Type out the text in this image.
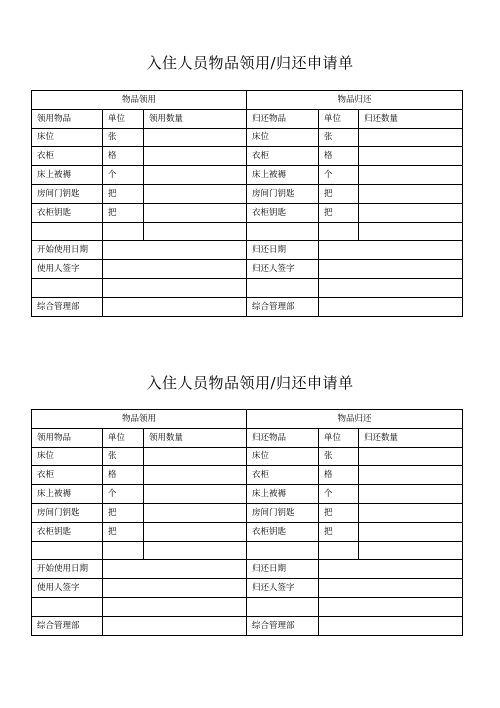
入住人员物品领用/归还申请单
物品领用			物品归还		
领用物品	单位	领用数量	归还物品	单位	归还数量
床位	张		床位	张	
衣柜	格		衣柜	格	
床上被褥	个		床上被褥	个	
房间门钥匙	把		房间门钥匙	把	
衣柜钥匙	把		衣柜钥匙	把	

开始使用日期			归还日期		
使用人签字			归还人签字		

综合管理部			综合管理部		
入住人员物品领用/归还申请单
物品领用			物品归还		
领用物品	单位	领用数量	归还物品	单位	归还数量
床位	张		床位	张	
衣柜	格		衣柜	格	
床上被褥	个		床上被褥	个	
房间门钥匙	把		房间门钥匙	把	
衣柜钥匙	把		衣柜钥匙	把	

开始使用日期			归还日期		
使用人签字			归还人签字		

综合管理部			综合管理部		
